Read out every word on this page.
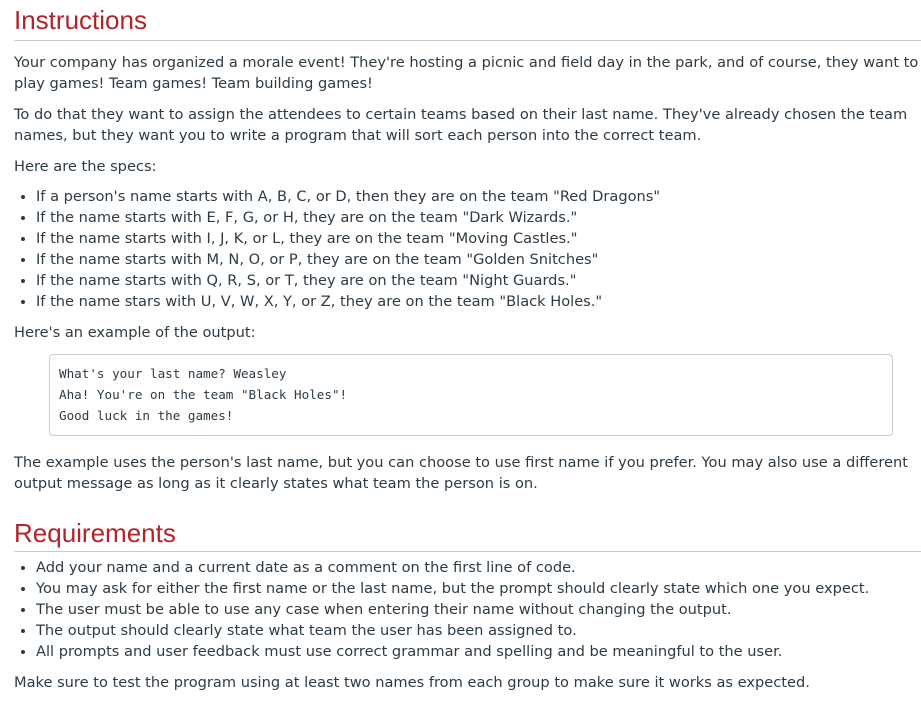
Instructions

Your company has organized a morale event! They're hosting a picnic and field day in the park, and of course, they want to play games! Team games! Team building games!

To do that they want to assign the attendees to certain teams based on their last name. They've already chosen the team names, but they want you to write a program that will sort each person into the correct team.

Here are the specs:

• If a person's name starts with A, B, C, or D, then they are on the team "Red Dragons"
• If the name starts with E, F, G, or H, they are on the team "Dark Wizards."
• If the name starts with I, J, K, or L, they are on the team "Moving Castles."
• If the name starts with M, N, O, or P, they are on the team "Golden Snitches"
• If the name starts with Q, R, S, or T, they are on the team "Night Guards."
• If the name stars with U, V, W, X, Y, or Z, they are on the team "Black Holes."

Here's an example of the output:

What's your last name? Weasley
Aha! You're on the team "Black Holes"!
Good luck in the games!

The example uses the person's last name, but you can choose to use first name if you prefer. You may also use a different output message as long as it clearly states what team the person is on.

Requirements
• Add your name and a current date as a comment on the first line of code.
• You may ask for either the first name or the last name, but the prompt should clearly state which one you expect.
• The user must be able to use any case when entering their name without changing the output.
• The output should clearly state what team the user has been assigned to.
• All prompts and user feedback must use correct grammar and spelling and be meaningful to the user.

Make sure to test the program using at least two names from each group to make sure it works as expected.
